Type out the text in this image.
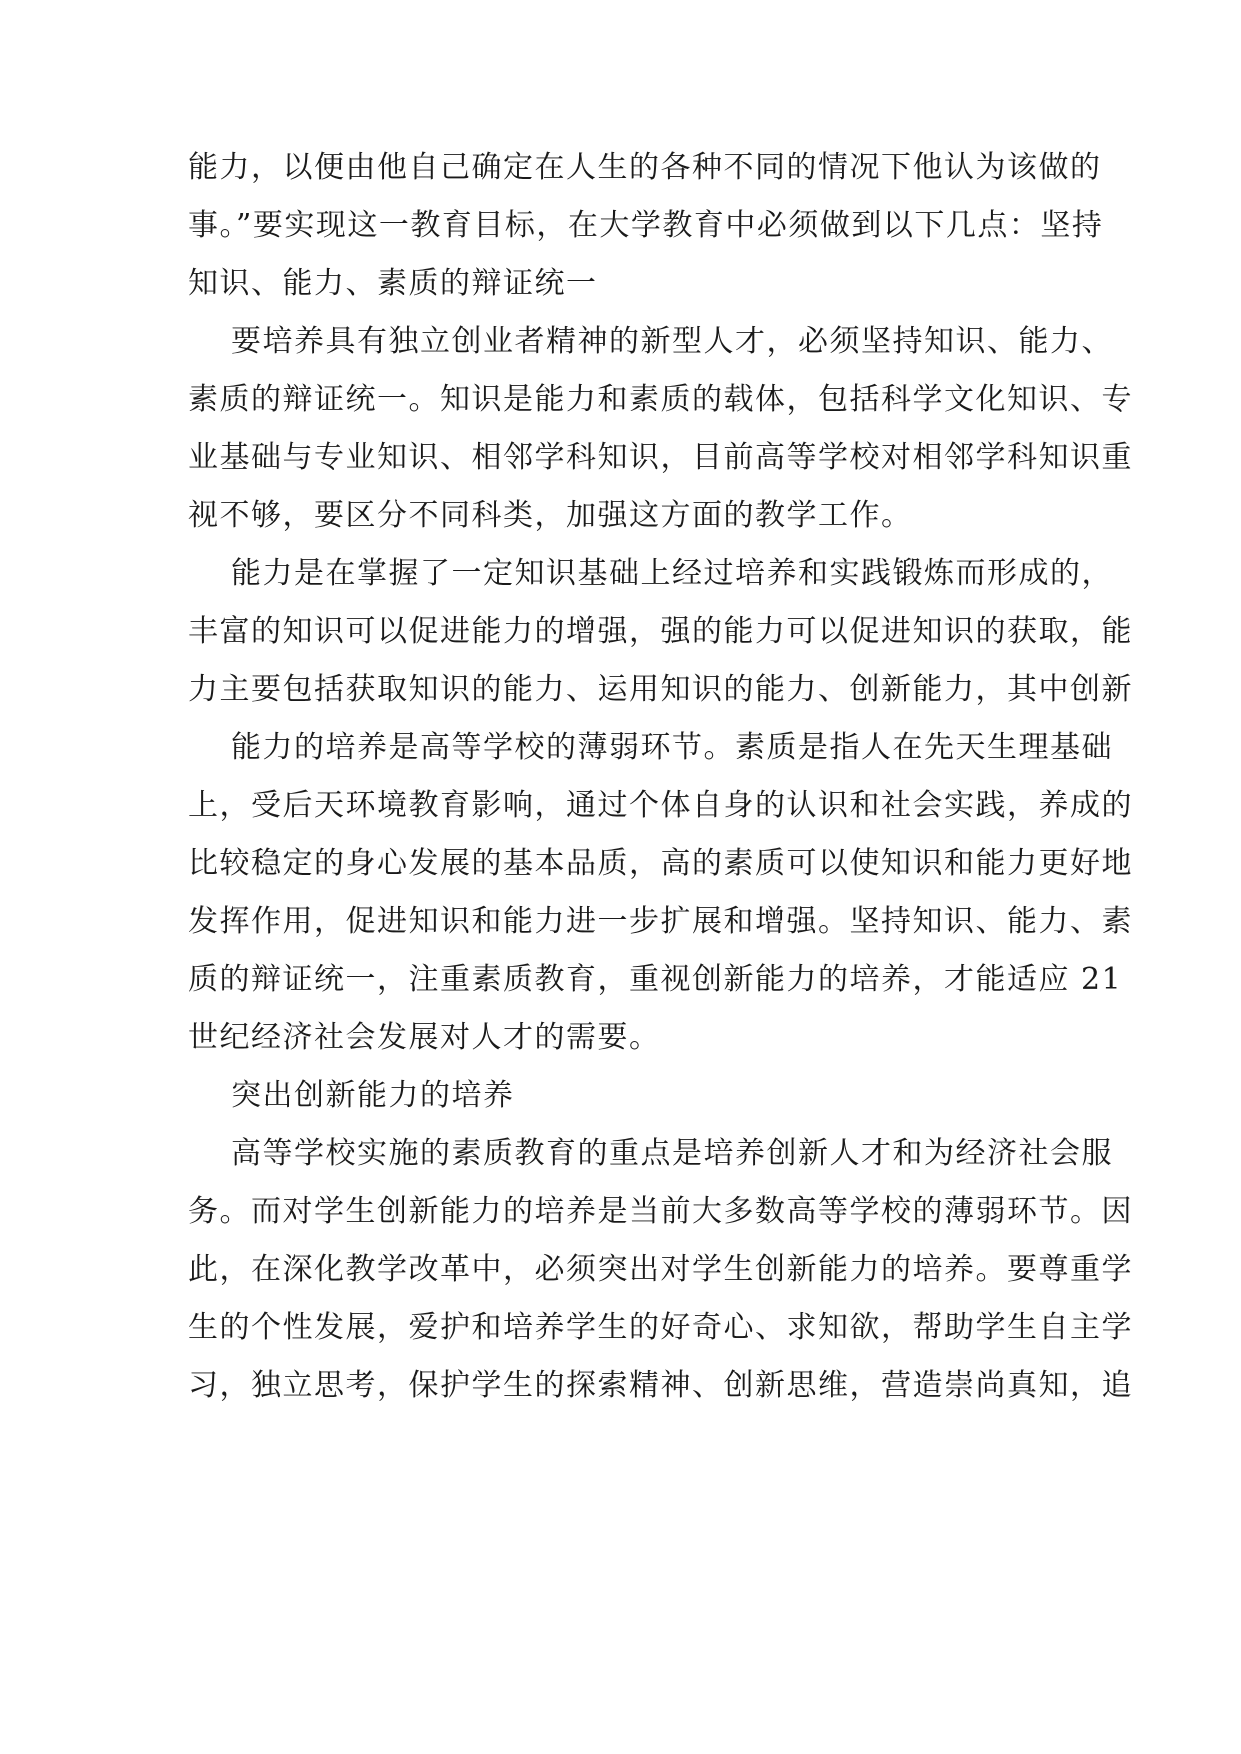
能力，以便由他自己确定在人生的各种不同的情况下他认为该做的
事。”要实现这一教育目标，在大学教育中必须做到以下几点：坚持
知识、能力、素质的辩证统一
要培养具有独立创业者精神的新型人才，必须坚持知识、能力、
素质的辩证统一。知识是能力和素质的载体，包括科学文化知识、专
业基础与专业知识、相邻学科知识，目前高等学校对相邻学科知识重
视不够，要区分不同科类，加强这方面的教学工作。
能力是在掌握了一定知识基础上经过培养和实践锻炼而形成的，
丰富的知识可以促进能力的增强，强的能力可以促进知识的获取，能
力主要包括获取知识的能力、运用知识的能力、创新能力，其中创新
能力的培养是高等学校的薄弱环节。素质是指人在先天生理基础
上，受后天环境教育影响，通过个体自身的认识和社会实践，养成的
比较稳定的身心发展的基本品质，高的素质可以使知识和能力更好地
发挥作用，促进知识和能力进一步扩展和增强。坚持知识、能力、素
质的辩证统一，注重素质教育，重视创新能力的培养，才能适应 21
世纪经济社会发展对人才的需要。
突出创新能力的培养
高等学校实施的素质教育的重点是培养创新人才和为经济社会服
务。而对学生创新能力的培养是当前大多数高等学校的薄弱环节。因
此，在深化教学改革中，必须突出对学生创新能力的培养。要尊重学
生的个性发展，爱护和培养学生的好奇心、求知欲，帮助学生自主学
习，独立思考，保护学生的探索精神、创新思维，营造崇尚真知，追
